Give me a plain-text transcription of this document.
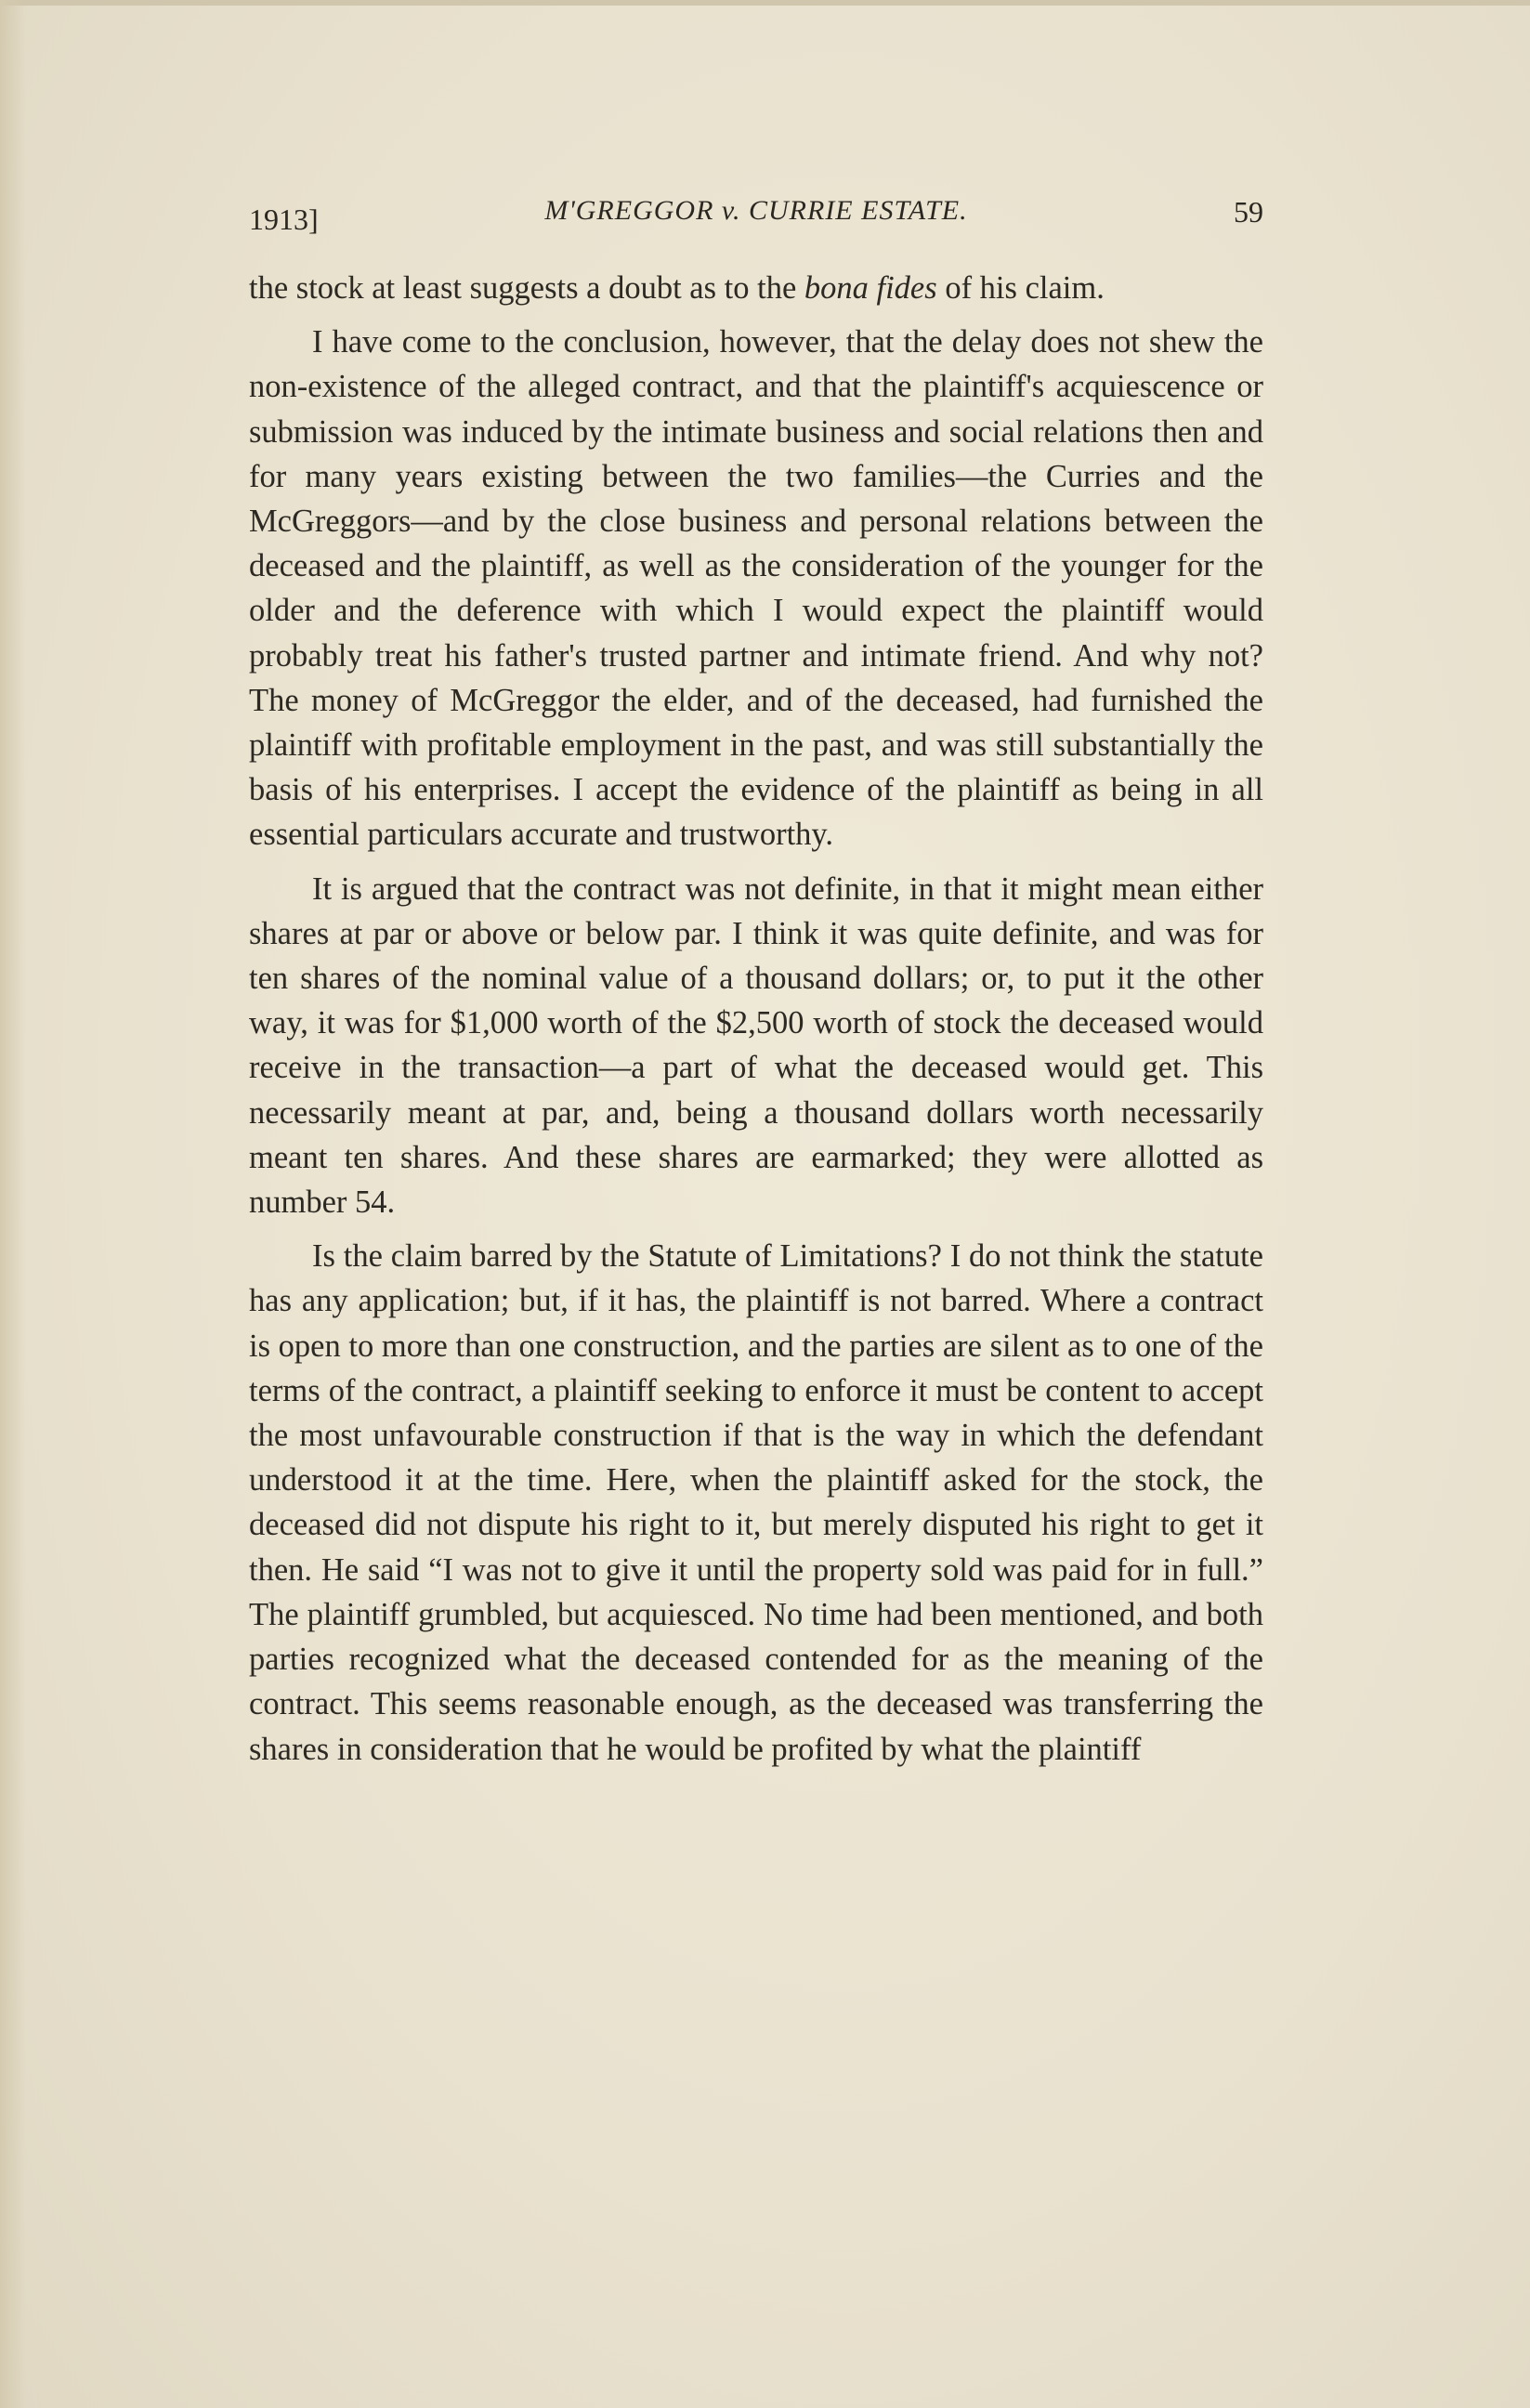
1913]	M'GREGGOR v. CURRIE ESTATE.	59

the stock at least suggests a doubt as to the bona fides of his claim.

I have come to the conclusion, however, that the delay does not shew the non-existence of the alleged contract, and that the plaintiff's acquiescence or submission was induced by the intimate business and social relations then and for many years existing between the two families—the Curries and the McGreggors—and by the close business and personal relations between the deceased and the plaintiff, as well as the consideration of the younger for the older and the deference with which I would expect the plaintiff would probably treat his father's trusted partner and intimate friend. And why not? The money of McGreggor the elder, and of the deceased, had furnished the plaintiff with profitable employment in the past, and was still substantially the basis of his enterprises. I accept the evidence of the plaintiff as being in all essential particulars accurate and trustworthy.

It is argued that the contract was not definite, in that it might mean either shares at par or above or below par. I think it was quite definite, and was for ten shares of the nominal value of a thousand dollars; or, to put it the other way, it was for $1,000 worth of the $2,500 worth of stock the deceased would receive in the transaction—a part of what the deceased would get. This necessarily meant at par, and, being a thousand dollars worth necessarily meant ten shares. And these shares are earmarked; they were allotted as number 54.

Is the claim barred by the Statute of Limitations? I do not think the statute has any application; but, if it has, the plaintiff is not barred. Where a contract is open to more than one construction, and the parties are silent as to one of the terms of the contract, a plaintiff seeking to enforce it must be content to accept the most unfavourable construction if that is the way in which the defendant understood it at the time. Here, when the plaintiff asked for the stock, the deceased did not dispute his right to it, but merely disputed his right to get it then. He said “I was not to give it until the property sold was paid for in full.” The plaintiff grumbled, but acquiesced. No time had been mentioned, and both parties recognized what the deceased contended for as the meaning of the contract. This seems reasonable enough, as the deceased was transferring the shares in consideration that he would be profited by what the plaintiff
